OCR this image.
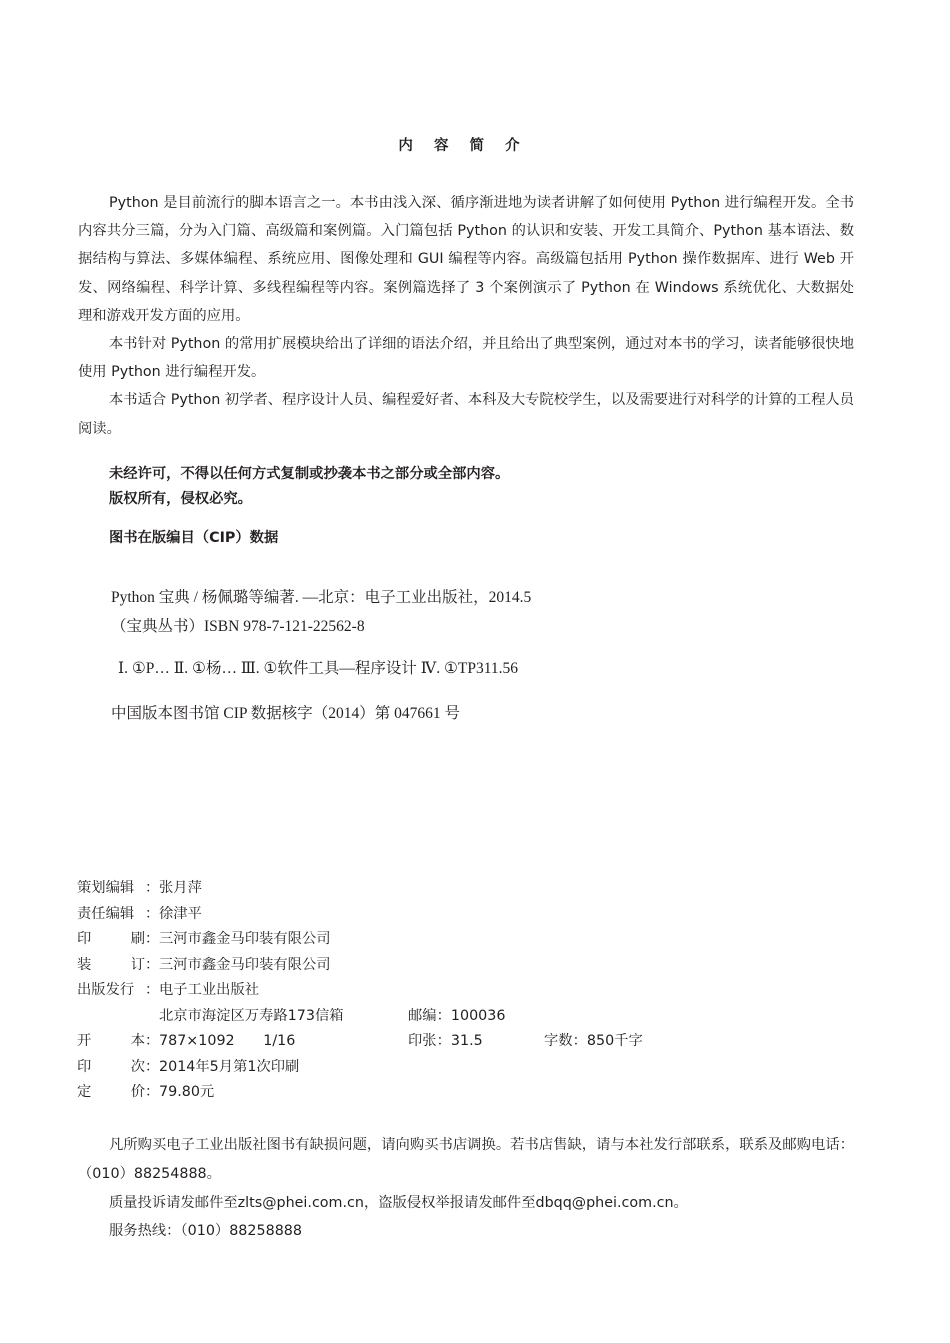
内 容 简 介

Python 是目前流行的脚本语言之一。本书由浅入深、循序渐进地为读者讲解了如何使用 Python 进行编程开发。全书内容共分三篇，分为入门篇、高级篇和案例篇。入门篇包括 Python 的认识和安装、开发工具简介、Python 基本语法、数据结构与算法、多媒体编程、系统应用、图像处理和 GUI 编程等内容。高级篇包括用 Python 操作数据库、进行 Web 开发、网络编程、科学计算、多线程编程等内容。案例篇选择了 3 个案例演示了 Python 在 Windows 系统优化、大数据处理和游戏开发方面的应用。

本书针对 Python 的常用扩展模块给出了详细的语法介绍，并且给出了典型案例，通过对本书的学习，读者能够很快地使用 Python 进行编程开发。

本书适合 Python 初学者、程序设计人员、编程爱好者、本科及大专院校学生，以及需要进行对科学的计算的工程人员阅读。

未经许可，不得以任何方式复制或抄袭本书之部分或全部内容。
版权所有，侵权必究。
图书在版编目（CIP）数据
Python 宝典 / 杨佩璐等编著. —北京：电子工业出版社，2014.5
（宝典丛书）ISBN 978-7-121-22562-8
Ⅰ. ①P… Ⅱ. ①杨… Ⅲ. ①软件工具—程序设计 Ⅳ. ①TP311.56
中国版本图书馆 CIP 数据核字（2014）第 047661 号
策划编辑 ： 张月萍
责任编辑 ： 徐津平
印	刷 ： 三河市鑫金马印装有限公司
装	订 ： 三河市鑫金马印装有限公司
出版发行 ： 电子工业出版社
北京市海淀区万寿路173信箱	邮编：100036
开	本 ： 787×1092　　1/16	印张：31.5	字数：850千字
印	次 ： 2014年5月第1次印刷
定	价 ： 79.80元

凡所购买电子工业出版社图书有缺损问题，请向购买书店调换。若书店售缺，请与本社发行部联系，联系及邮购电话：（010）88254888。

质量投诉请发邮件至zlts@phei.com.cn，盗版侵权举报请发邮件至dbqq@phei.com.cn。

服务热线：（010）88258888
